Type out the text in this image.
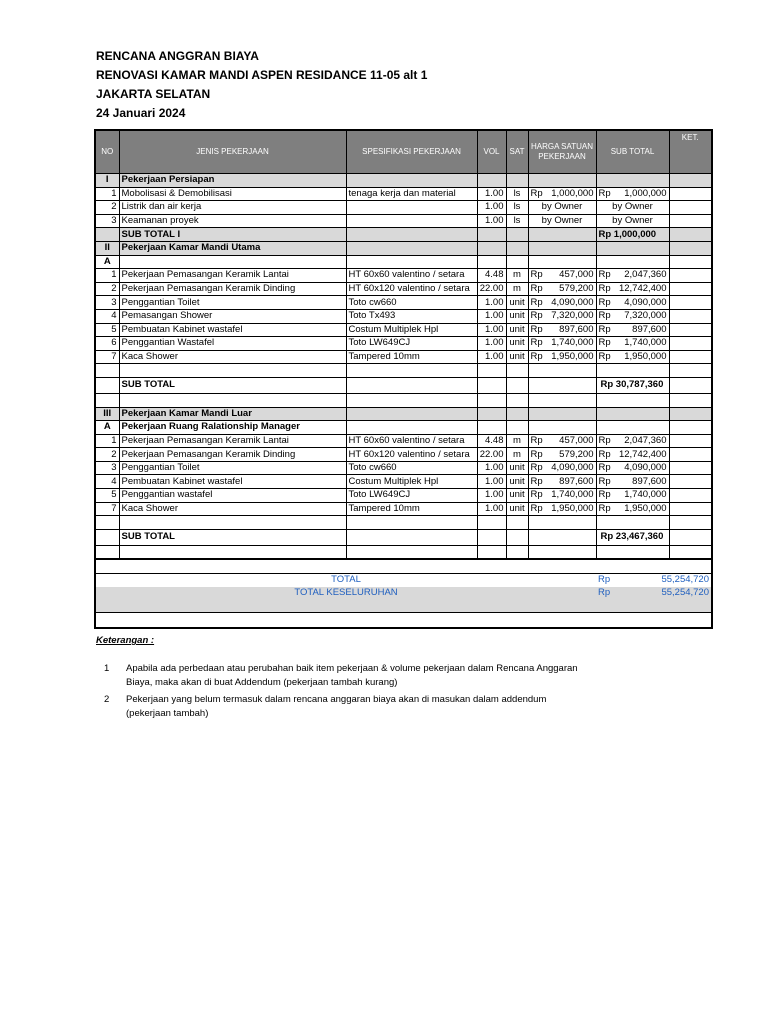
RENCANA ANGGRAN BIAYA
RENOVASI KAMAR MANDI ASPEN RESIDANCE 11-05 alt 1
JAKARTA SELATAN
24 Januari 2024
NO	JENIS PEKERJAAN	SPESIFIKASI PEKERJAAN	VOL	SAT	HARGA SATUAN PEKERJAAN	SUB TOTAL	KET.
I	Pekerjaan Persiapan						
1	Mobolisasi & Demobilisasi	tenaga kerja dan material	1.00	ls	Rp 1,000,000	Rp 1,000,000	

2	Listrik dan air kerja		1.00	ls	by Owner	by Owner	
3	Keamanan proyek		1.00	ls	by Owner	by Owner	
	SUB TOTAL I					Rp 1,000,000	
II	Pekerjaan Kamar Mandi Utama						
A							
1	Pekerjaan Pemasangan Keramik Lantai	HT 60x60 valentino / setara	4.48	m	Rp 457,000	Rp 2,047,360	

2	Pekerjaan Pemasangan Keramik Dinding	HT 60x120 valentino / setara	22.00	m	Rp 579,200	Rp 12,742,400	

3	Penggantian Toilet	Toto cw660	1.00	unit	Rp 4,090,000	Rp 4,090,000	

4	Pemasangan Shower	Toto Tx493	1.00	unit	Rp 7,320,000	Rp 7,320,000	

5	Pembuatan Kabinet wastafel	Costum Multiplek Hpl	1.00	unit	Rp 897,600	Rp 897,600	

6	Penggantian Wastafel	Toto LW649CJ	1.00	unit	Rp 1,740,000	Rp 1,740,000	

7	Kaca Shower	Tampered 10mm	1.00	unit	Rp 1,950,000	Rp 1,950,000	

	SUB TOTAL					Rp 30,787,360	

III	Pekerjaan Kamar Mandi Luar						
A	Pekerjaan Ruang Ralationship Manager						
1	Pekerjaan Pemasangan Keramik Lantai	HT 60x60 valentino / setara	4.48	m	Rp 457,000	Rp 2,047,360	

2	Pekerjaan Pemasangan Keramik Dinding	HT 60x120 valentino / setara	22.00	m	Rp 579,200	Rp 12,742,400	

3	Penggantian Toilet	Toto cw660	1.00	unit	Rp 4,090,000	Rp 4,090,000	

4	Pembuatan Kabinet wastafel	Costum Multiplek Hpl	1.00	unit	Rp 897,600	Rp 897,600	

5	Penggantian wastafel	Toto LW649CJ	1.00	unit	Rp 1,740,000	Rp 1,740,000	

7	Kaca Shower	Tampered 10mm	1.00	unit	Rp 1,950,000	Rp 1,950,000	

	SUB TOTAL					Rp 23,467,360	

TOTAL						Rp 55,254,720	

TOTAL KESELURUHAN						Rp 55,254,720	

Keterangan :
1	Apabila ada perbedaan atau perubahan baik item pekerjaan & volume pekerjaan dalam Rencana Anggaran
Biaya, maka akan di buat Addendum (pekerjaan tambah kurang)
2	Pekerjaan yang belum termasuk dalam rencana anggaran biaya akan di masukan dalam addendum
(pekerjaan tambah)
